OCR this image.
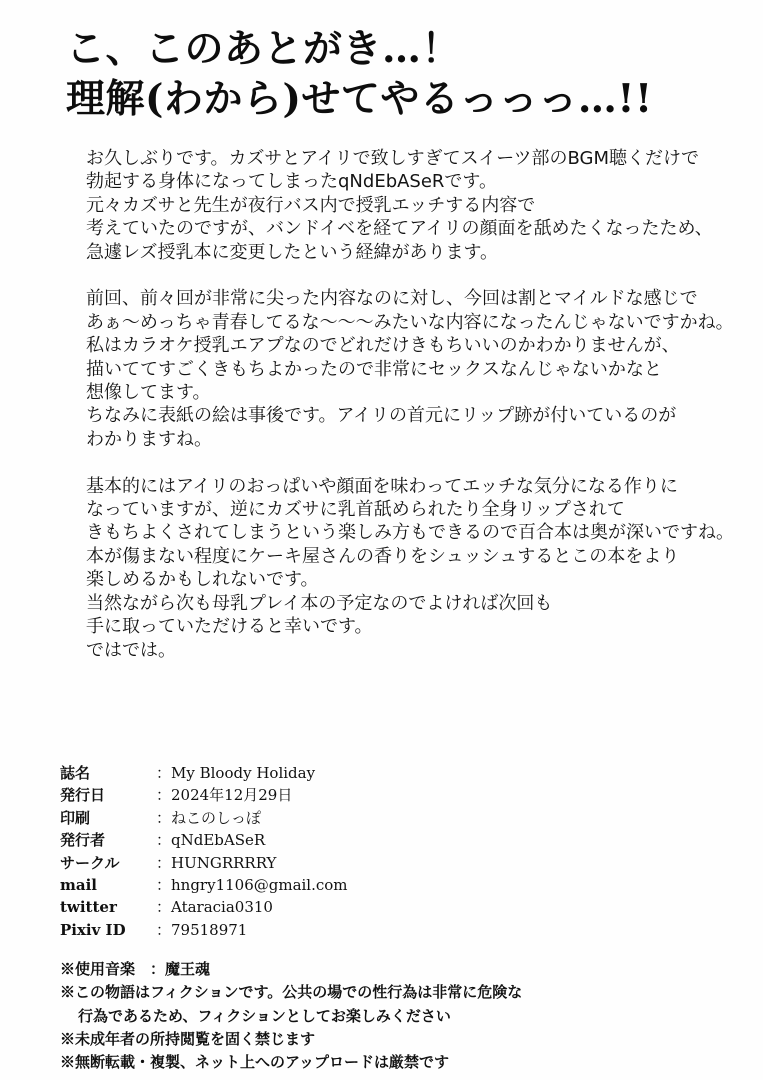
こ、このあとがき…！
理解(わから)せてやるっっっ…!!

お久しぶりです。カズサとアイリで致しすぎてスイーツ部のBGM聴くだけで
勃起する身体になってしまったqNdEbASeRです。
元々カズサと先生が夜行バス内で授乳エッチする内容で
考えていたのですが、バンドイベを経てアイリの顔面を舐めたくなったため、
急遽レズ授乳本に変更したという経緯があります。

前回、前々回が非常に尖った内容なのに対し、今回は割とマイルドな感じで
あぁ～めっちゃ青春してるな～～～みたいな内容になったんじゃないですかね。
私はカラオケ授乳エアプなのでどれだけきもちいいのかわかりませんが、
描いててすごくきもちよかったので非常にセックスなんじゃないかなと
想像してます。
ちなみに表紙の絵は事後です。アイリの首元にリップ跡が付いているのが
わかりますね。

基本的にはアイリのおっぱいや顔面を味わってエッチな気分になる作りに
なっていますが、逆にカズサに乳首舐められたり全身リップされて
きもちよくされてしまうという楽しみ方もできるので百合本は奥が深いですね。
本が傷まない程度にケーキ屋さんの香りをシュッシュするとこの本をより
楽しめるかもしれないです。
当然ながら次も母乳プレイ本の予定なのでよければ次回も
手に取っていただけると幸いです。
ではでは。

誌名	：My Bloody Holiday
発行日	：2024年12月29日
印刷	：ねこのしっぽ
発行者	：qNdEbASeR
サークル	：HUNGRRRRY
mail	：hngry1106@gmail.com
twitter	：Ataracia0310
Pixiv ID	：79518971
※使用音楽　：魔王魂
※この物語はフィクションです。公共の場での性行為は非常に危険な
行為であるため、フィクションとしてお楽しみください
※未成年者の所持閲覧を固く禁じます
※無断転載・複製、ネット上へのアップロードは厳禁です
